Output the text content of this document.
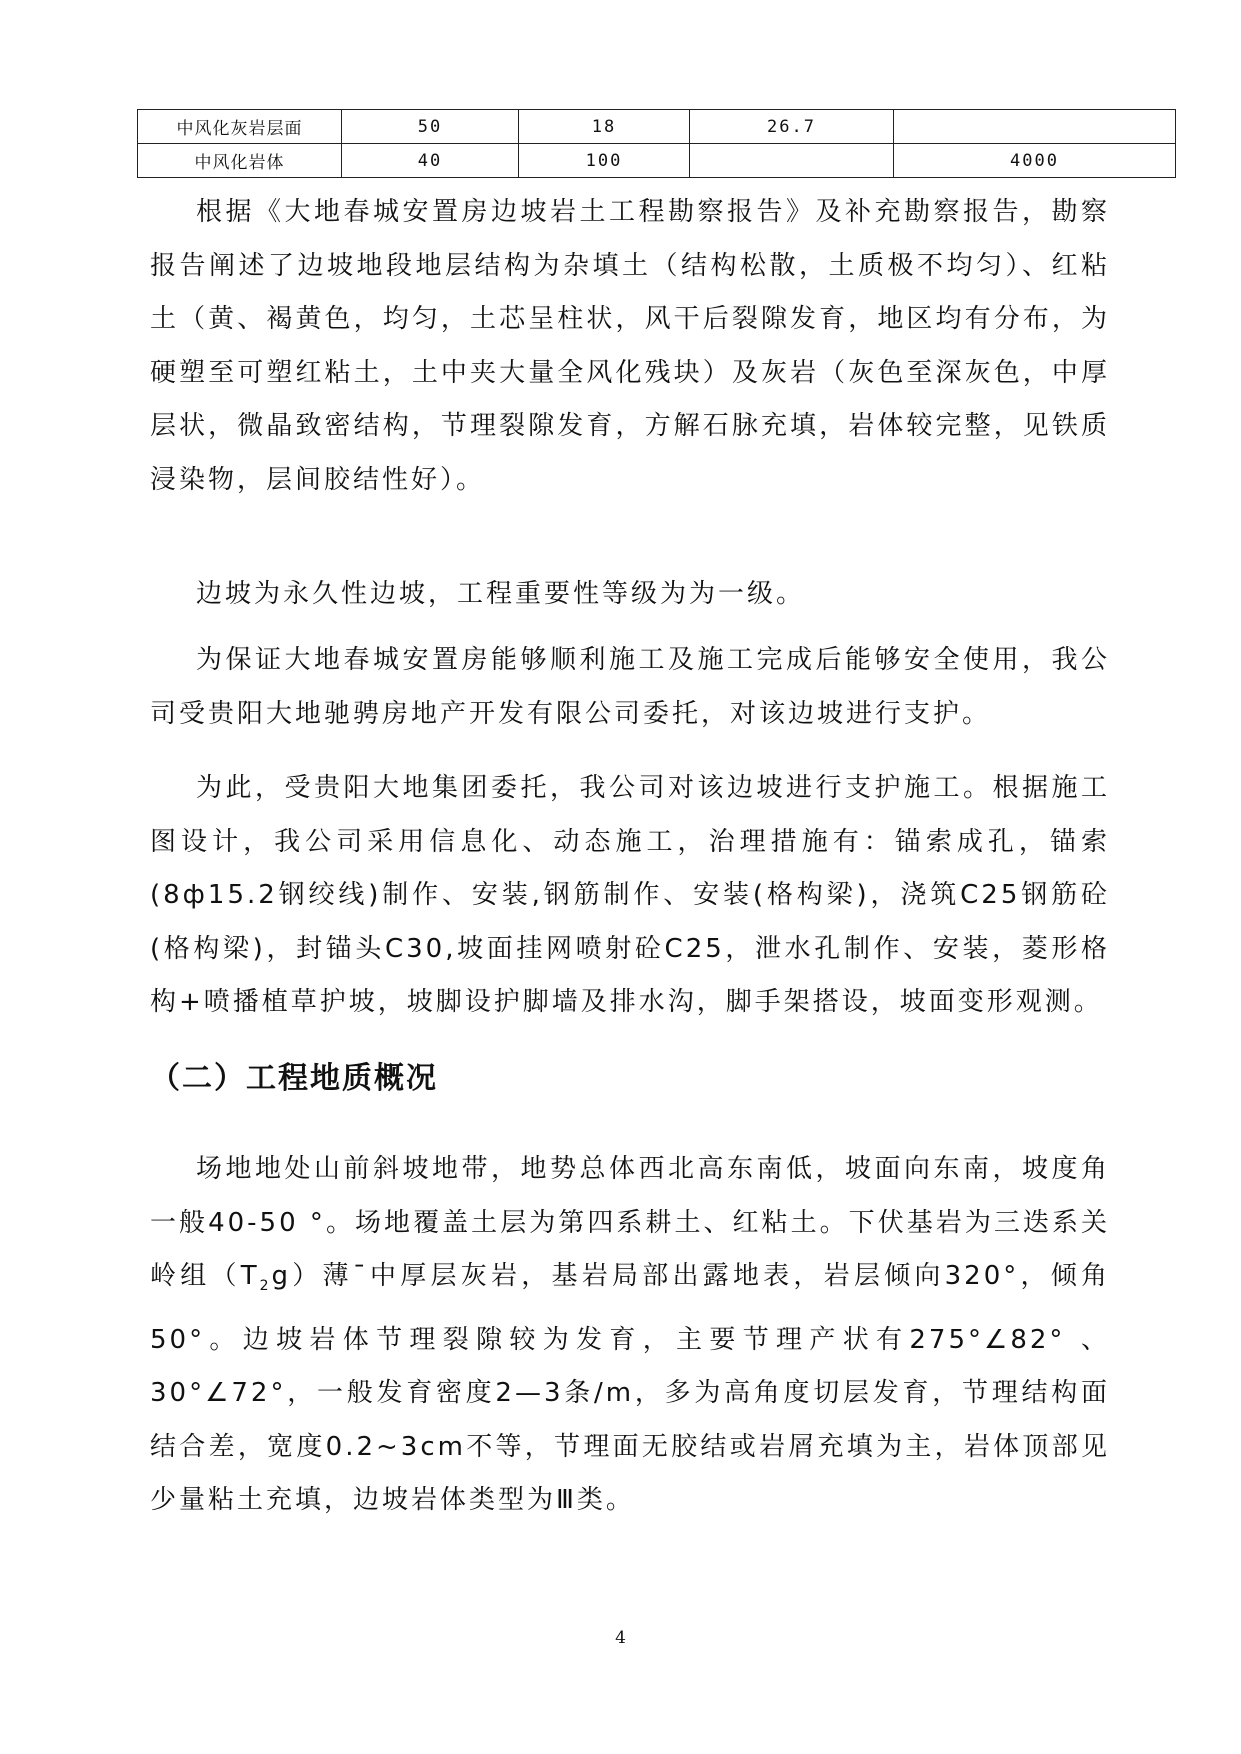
中风化灰岩层面	50	18	26.7	
中风化岩体	40	100		4000

根据《大地春城安置房边坡岩土工程勘察报告》及补充勘察报告，勘察报告阐述了边坡地段地层结构为杂填土（结构松散，土质极不均匀）、红粘土（黄、褐黄色，均匀，土芯呈柱状，风干后裂隙发育，地区均有分布，为硬塑至可塑红粘土，土中夹大量全风化残块）及灰岩（灰色至深灰色，中厚层状，微晶致密结构，节理裂隙发育，方解石脉充填，岩体较完整，见铁质浸染物，层间胶结性好）。

边坡为永久性边坡，工程重要性等级为为一级。

为保证大地春城安置房能够顺利施工及施工完成后能够安全使用，我公司受贵阳大地驰骋房地产开发有限公司委托，对该边坡进行支护。

为此，受贵阳大地集团委托，我公司对该边坡进行支护施工。根据施工图设计，我公司采用信息化、动态施工，治理措施有：锚索成孔，锚索(8ф15.2钢绞线)制作、安装,钢筋制作、安装(格构梁)，浇筑C25钢筋砼(格构梁)，封锚头C30,坡面挂网喷射砼C25，泄水孔制作、安装，菱形格构+喷播植草护坡，坡脚设护脚墙及排水沟，脚手架搭设，坡面变形观测。

（二）工程地质概况

场地地处山前斜坡地带，地势总体西北高东南低，坡面向东南，坡度角一般40-50 °。场地覆盖土层为第四系耕土、红粘土。下伏基岩为三迭系关岭组$(T_2g)$薄¯中厚层灰岩，基岩局部出露地表，岩层倾向320°，倾角50°。边坡岩体节理裂隙较为发育，主要节理产状有275°∠82° 、30°∠72°，一般发育密度2—3条/m，多为高角度切层发育，节理结构面结合差，宽度0.2~3cm不等，节理面无胶结或岩屑充填为主，岩体顶部见少量粘土充填，边坡岩体类型为Ⅲ类。

4
